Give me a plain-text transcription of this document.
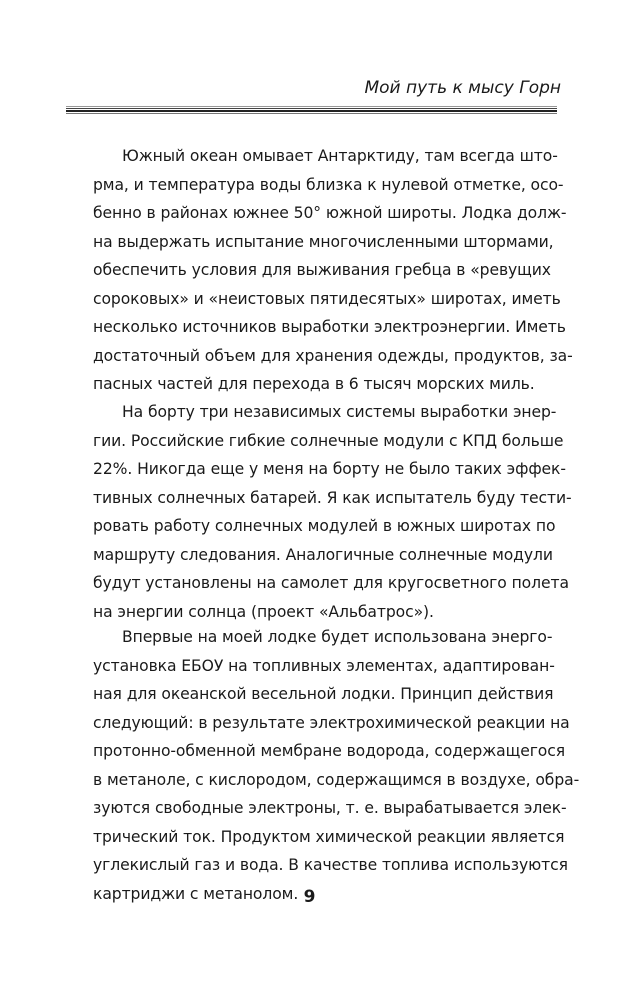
Мой путь к мысу Горн
Южный океан омывает Антарктиду, там всегда што-
рма, и температура воды близка к нулевой отметке, осо-
бенно в районах южнее 50° южной широты. Лодка долж-
на выдержать испытание многочисленными штормами,
обеспечить условия для выживания гребца в «ревущих
сороковых» и «неистовых пятидесятых» широтах, иметь
несколько источников выработки электроэнергии. Иметь
достаточный объем для хранения одежды, продуктов, за-
пасных частей для перехода в 6 тысяч морских миль.
На борту три независимых системы выработки энер-
гии. Российские гибкие солнечные модули с КПД больше
22%. Никогда еще у меня на борту не было таких эффек-
тивных солнечных батарей. Я как испытатель буду тести-
ровать работу солнечных модулей в южных широтах по
маршруту следования. Аналогичные солнечные модули
будут установлены на самолет для кругосветного полета
на энергии солнца (проект «Альбатрос»).
Впервые на моей лодке будет использована энерго-
установка ЕБОУ на топливных элементах, адаптирован-
ная для океанской весельной лодки. Принцип действия
следующий: в результате электрохимической реакции на
протонно-обменной мембране водорода, содержащегося
в метаноле, с кислородом, содержащимся в воздухе, обра-
зуются свободные электроны, т. е. вырабатывается элек-
трический ток. Продуктом химической реакции является
углекислый газ и вода. В качестве топлива используются
картриджи с метанолом. 9
